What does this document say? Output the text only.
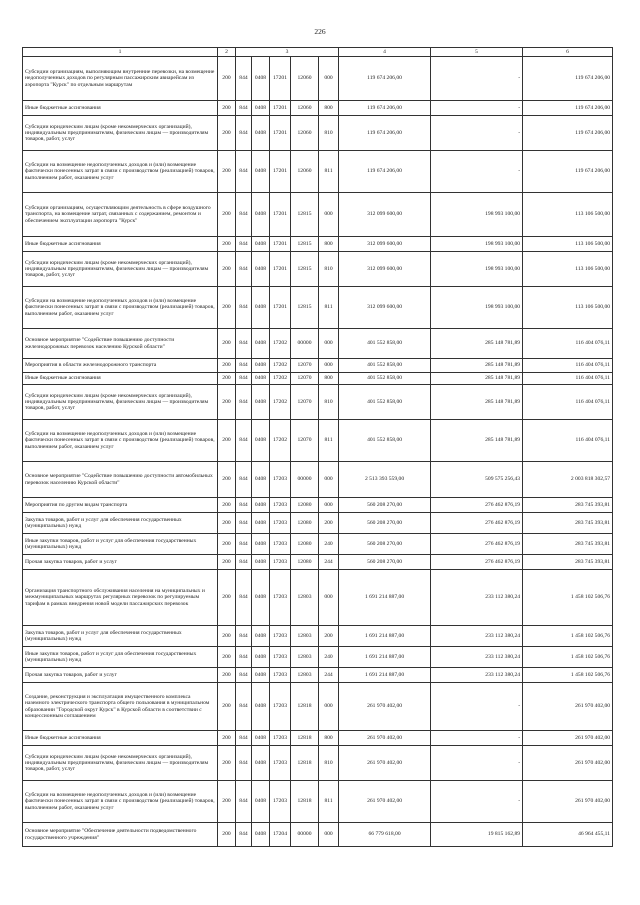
226
1	2	3					4	5	6
Субсидии организациям, выполняющим внутренние перевозки, на возмещение недополученных доходов по регулярным пассажирским авиарейсам из аэропорта "Курск" по отдельным маршрутам	200	844	0408	17201	12060	000	119 674 206,00	-	119 674 206,00
Иные бюджетные ассигнования	200	844	0408	17201	12060	800	119 674 206,00	-	119 674 206,00
Субсидии юридическим лицам (кроме некоммерческих организаций), индивидуальным предпринимателям, физическим лицам — производителям товаров, работ, услуг	200	844	0408	17201	12060	810	119 674 206,00	-	119 674 206,00
Субсидии на возмещение недополученных доходов и (или) возмещение фактически понесенных затрат в связи с производством (реализацией) товаров, выполнением работ, оказанием услуг	200	844	0408	17201	12060	811	119 674 206,00	-	119 674 206,00
Субсидии организациям, осуществляющим деятельность в сфере воздушного транспорта, на возмещение затрат, связанных с содержанием, ремонтом и обеспечением эксплуатации аэропорта "Курск"	200	844	0408	17201	12815	000	312 099 600,00	198 993 100,00	113 106 500,00
Иные бюджетные ассигнования	200	844	0408	17201	12815	800	312 099 600,00	198 993 100,00	113 106 500,00
Субсидии юридическим лицам (кроме некоммерческих организаций), индивидуальным предпринимателям, физическим лицам — производителям товаров, работ, услуг	200	844	0408	17201	12815	810	312 099 600,00	198 993 100,00	113 106 500,00
Субсидии на возмещение недополученных доходов и (или) возмещение фактически понесенных затрат в связи с производством (реализацией) товаров, выполнением работ, оказанием услуг	200	844	0408	17201	12815	811	312 099 600,00	198 993 100,00	113 106 500,00
Основное мероприятие "Содействие повышению доступности железнодорожных перевозок населению Курской области"	200	844	0408	17202	00000	000	401 552 858,00	285 148 781,89	116 404 076,11
Мероприятия в области железнодорожного транспорта	200	844	0408	17202	12070	000	401 552 858,00	285 148 781,89	116 404 076,11
Иные бюджетные ассигнования	200	844	0408	17202	12070	800	401 552 858,00	285 148 781,89	116 404 076,11
Субсидии юридическим лицам (кроме некоммерческих организаций), индивидуальным предпринимателям, физическим лицам — производителям товаров, работ, услуг	200	844	0408	17202	12070	810	401 552 858,00	285 148 781,89	116 404 076,11
Субсидии на возмещение недополученных доходов и (или) возмещение фактически понесенных затрат в связи с производством (реализацией) товаров, выполнением работ, оказанием услуг	200	844	0408	17202	12070	811	401 552 858,00	285 148 781,89	116 404 076,11
Основное мероприятие "Содействие повышению доступности автомобильных перевозок населению Курской области"	200	844	0408	17203	00000	000	2 513 393 559,00	509 575 256,43	2 003 818 302,57
Мероприятия по другим видам транспорта	200	844	0408	17203	12080	000	560 208 270,00	276 462 876,19	283 745 393,81
Закупка товаров, работ и услуг для обеспечения государственных (муниципальных) нужд	200	844	0408	17203	12080	200	560 208 270,00	276 462 876,19	283 745 393,81
Иные закупки товаров, работ и услуг для обеспечения государственных (муниципальных) нужд	200	844	0408	17203	12080	240	560 208 270,00	276 462 876,19	283 745 393,81
Прочая закупка товаров, работ и услуг	200	844	0408	17203	12080	244	560 208 270,00	276 462 876,19	283 745 393,81
Организация транспортного обслуживания населения на муниципальных и межмуниципальных маршрутах регулярных перевозок по регулируемым тарифам в рамках внедрения новой модели пассажирских перевозок	200	844	0408	17203	12803	000	1 691 214 887,00	233 112 380,24	1 458 102 506,76
Закупка товаров, работ и услуг для обеспечения государственных (муниципальных) нужд	200	844	0408	17203	12803	200	1 691 214 887,00	233 112 380,24	1 458 102 506,76
Иные закупки товаров, работ и услуг для обеспечения государственных (муниципальных) нужд	200	844	0408	17203	12803	240	1 691 214 887,00	233 112 380,24	1 458 102 506,76
Прочая закупка товаров, работ и услуг	200	844	0408	17203	12803	244	1 691 214 887,00	233 112 380,24	1 458 102 506,76
Создание, реконструкция и эксплуатация имущественного комплекса наземного электрического транспорта общего пользования в муниципальном образовании "Городской округ Курск" в Курской области в соответствии с концессионным соглашением	200	844	0408	17203	12818	000	261 970 402,00	-	261 970 402,00
Иные бюджетные ассигнования	200	844	0408	17203	12818	800	261 970 402,00	-	261 970 402,00
Субсидии юридическим лицам (кроме некоммерческих организаций), индивидуальным предпринимателям, физическим лицам — производителям товаров, работ, услуг	200	844	0408	17203	12818	810	261 970 402,00	-	261 970 402,00
Субсидии на возмещение недополученных доходов и (или) возмещение фактически понесенных затрат в связи с производством (реализацией) товаров, выполнением работ, оказанием услуг	200	844	0408	17203	12818	811	261 970 402,00	-	261 970 402,00
Основное мероприятие "Обеспечение деятельности подведомственного государственного учреждения"	200	844	0408	17204	00000	000	66 779 618,00	19 815 162,89	46 964 455,11
